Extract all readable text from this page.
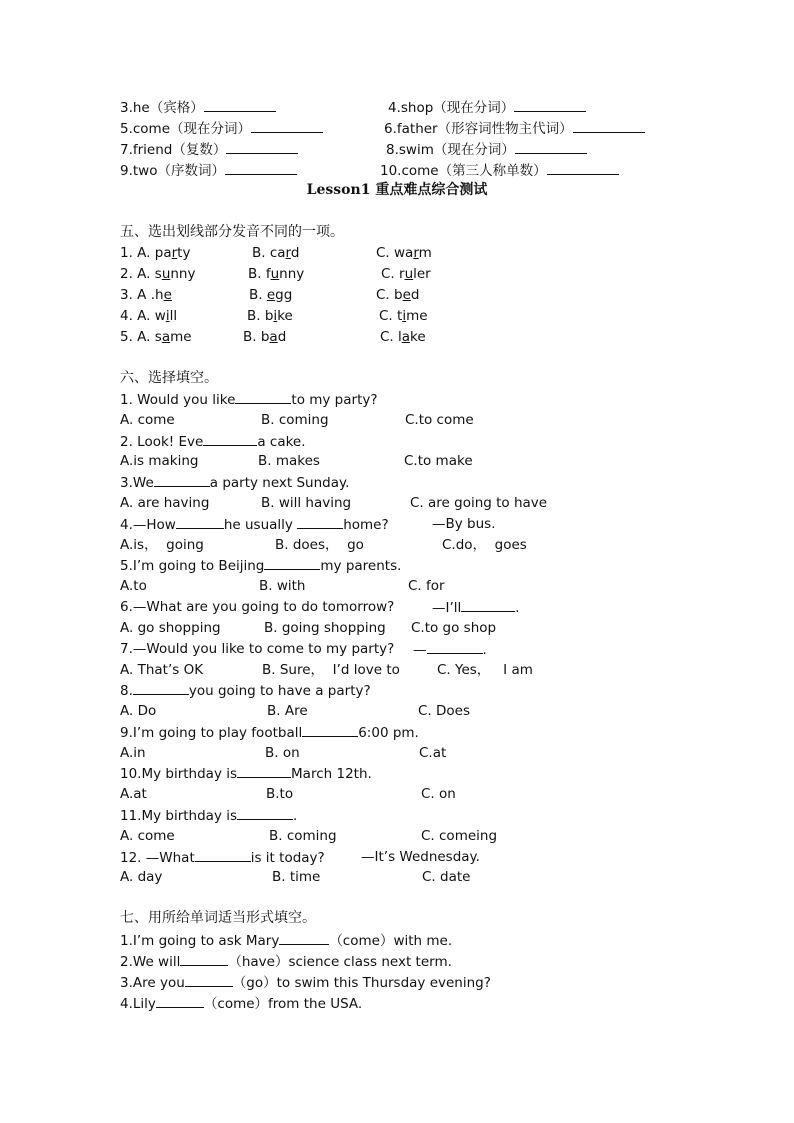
3.he（宾格）	4.shop（现在分词）
5.come（现在分词）	6.father（形容词性物主代词）
7.friend（复数）	8.swim（现在分词）
9.two（序数词）	10.come（第三人称单数）
Lesson1 重点难点综合测试
五、选出划线部分发音不同的一项。
1. A. party	B. card	C. warm
2. A. sunny	B. funny	C. ruler
3. A .he	B. egg	C. bed
4. A. will	B. bike	C. time
5. A. same	B. bad	C. lake
六、选择填空。
1. Would you like	to my party?
A. come	B. coming	C.to come
2. Look! Eve	a cake.
A.is making	B. makes	C.to make
3.We	a party next Sunday.
A. are having	B. will having	C. are going to have
4.—How	he usually	home?	—By bus.
A.is，  going	B. does，  go	C.do，  goes
5.I’m going to Beijing	my parents.
A.to	B. with	C. for
6.—What are you going to do tomorrow?	—I’ll	.
A. go shopping	B. going shopping C.to go shop
7.—Would you like to come to my party? —	.
A. That’s OK	B. Sure，  I’d love to	C. Yes，   I am
8.	you going to have a party?
A. Do	B. Are	C. Does
9.I’m going to play football	6:00 pm.
A.in	B. on	C.at
10.My birthday is	March 12th.
A.at	B.to	C. on
11.My birthday is	.
A. come	B. coming	C. comeing
12. —What	is it today?	—It’s Wednesday.
A. day	B. time	C. date
七、用所给单词适当形式填空。
1.I’m going to ask Mary	（come）with me.
2.We will	（have）science class next term.
3.Are you	（go）to swim this Thursday evening?
4.Lily	（come）from the USA.
